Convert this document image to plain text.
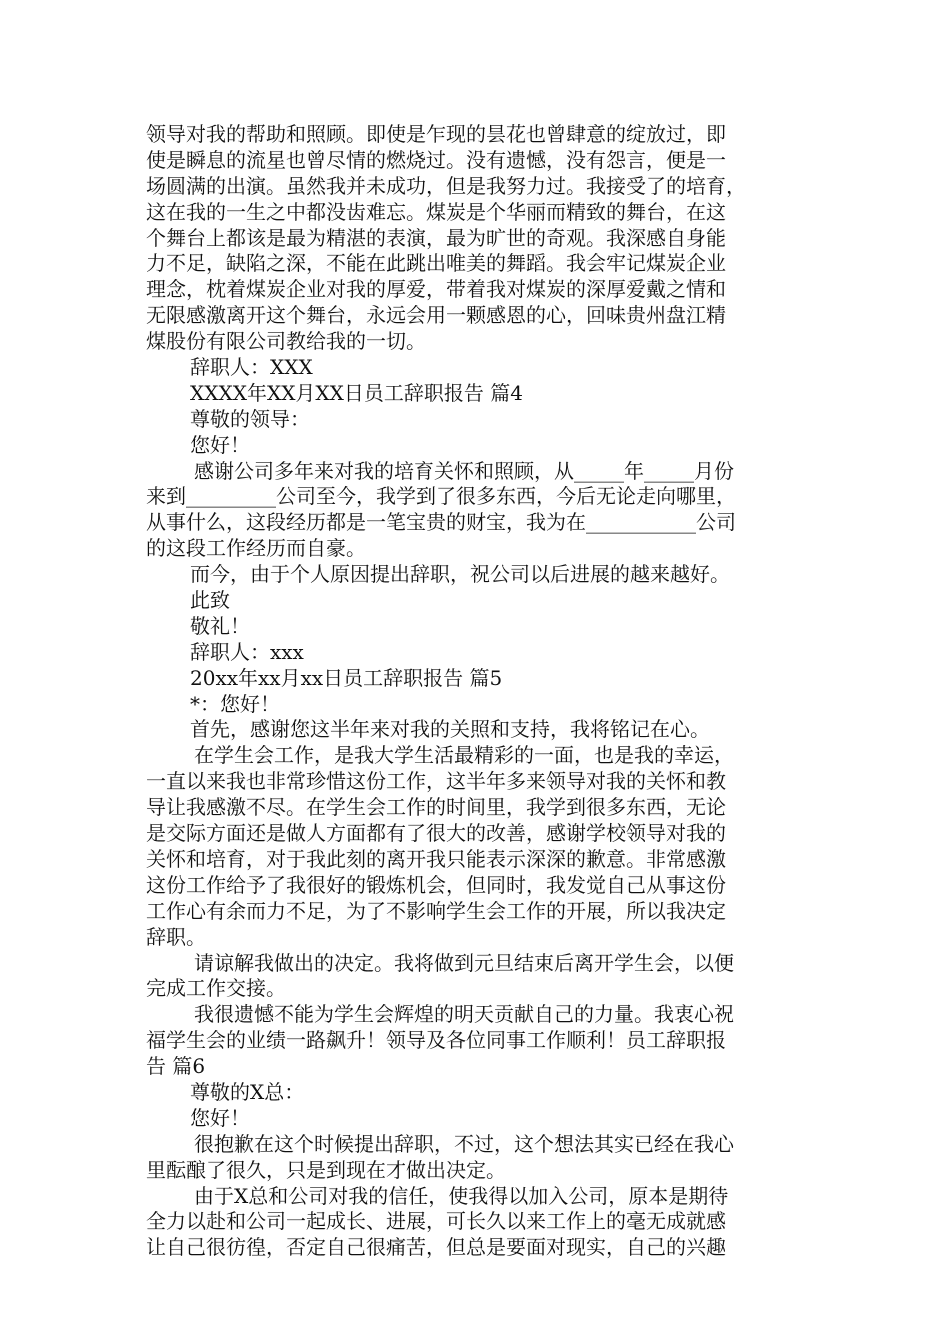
领导对我的帮助和照顾。即使是乍现的昙花也曾肆意的绽放过，即
使是瞬息的流星也曾尽情的燃烧过。没有遗憾，没有怨言，便是一
场圆满的出演。虽然我并未成功，但是我努力过。我接受了的培育，
这在我的一生之中都没齿难忘。煤炭是个华丽而精致的舞台，在这
个舞台上都该是最为精湛的表演，最为旷世的奇观。我深感自身能
力不足，缺陷之深，不能在此跳出唯美的舞蹈。我会牢记煤炭企业
理念，枕着煤炭企业对我的厚爱，带着我对煤炭的深厚爱戴之情和
无限感激离开这个舞台，永远会用一颗感恩的心，回味贵州盘江精
煤股份有限公司教给我的一切。
辞职人：XXX
XXXX年XX月XX日员工辞职报告 篇4
尊敬的领导：
您好！
感谢公司多年来对我的培育关怀和照顾，从_____年_____月份
来到_________公司至今，我学到了很多东西，今后无论走向哪里，
从事什么，这段经历都是一笔宝贵的财宝，我为在___________公司
的这段工作经历而自豪。
而今，由于个人原因提出辞职，祝公司以后进展的越来越好。
此致
敬礼！
辞职人：xxx
20xx年xx月xx日员工辞职报告 篇5
*：您好！
首先，感谢您这半年来对我的关照和支持，我将铭记在心。
在学生会工作，是我大学生活最精彩的一面，也是我的幸运，
一直以来我也非常珍惜这份工作，这半年多来领导对我的关怀和教
导让我感激不尽。在学生会工作的时间里，我学到很多东西，无论
是交际方面还是做人方面都有了很大的改善，感谢学校领导对我的
关怀和培育，对于我此刻的离开我只能表示深深的歉意。非常感激
这份工作给予了我很好的锻炼机会，但同时，我发觉自己从事这份
工作心有余而力不足，为了不影响学生会工作的开展，所以我决定
辞职。
请谅解我做出的决定。我将做到元旦结束后离开学生会，以便
完成工作交接。
我很遗憾不能为学生会辉煌的明天贡献自己的力量。我衷心祝
福学生会的业绩一路飙升！领导及各位同事工作顺利！员工辞职报
告 篇6
尊敬的X总：
您好！
很抱歉在这个时候提出辞职，不过，这个想法其实已经在我心
里酝酿了很久，只是到现在才做出决定。
由于X总和公司对我的信任，使我得以加入公司，原本是期待
全力以赴和公司一起成长、进展，可长久以来工作上的毫无成就感
让自己很彷徨，否定自己很痛苦，但总是要面对现实，自己的兴趣
